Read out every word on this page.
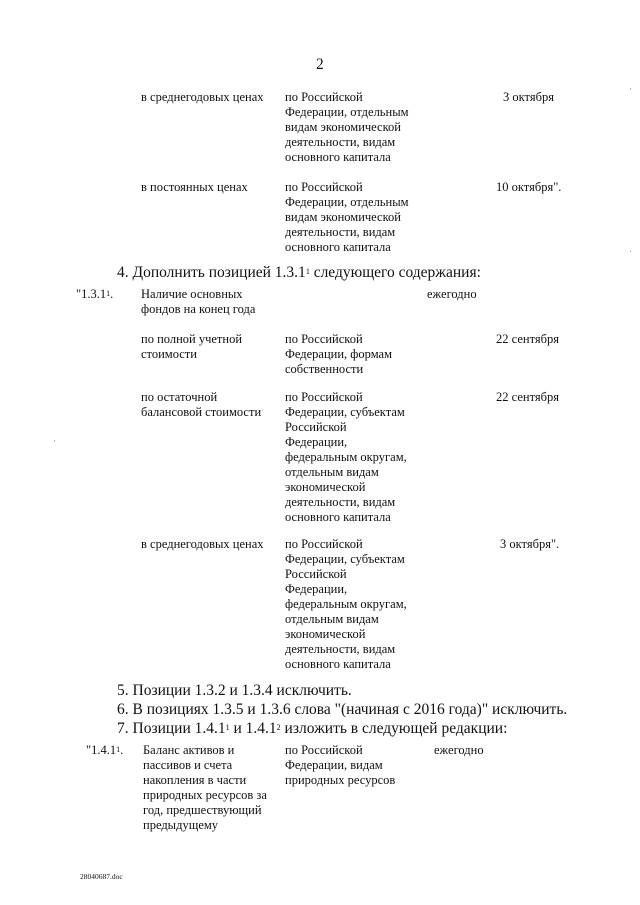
2
в среднегодовых ценах по Российской
Федерации, отдельным
видам экономической
деятельности, видам
основного капитала
3 октября
в постоянных ценах	по Российской
Федерации, отдельным
видам экономической
деятельности, видам
основного капитала
10 октября".
4. Дополнить позицией 1.3.1$^1$ следующего содержания:
"1.3.1$^1$. Наличие основных
фондов на конец года
ежегодно
по полной учетной
стоимости
по Российской
Федерации, формам
собственности
22 сентября
по остаточной
балансовой стоимости
по Российской
Федерации, субъектам
Российской
Федерации,
федеральным округам,
отдельным видам
экономической
деятельности, видам
основного капитала
22 сентября
в среднегодовых ценах по Российской
Федерации, субъектам
Российской
Федерации,
федеральным округам,
отдельным видам
экономической
деятельности, видам
основного капитала
3 октября".
5. Позиции 1.3.2 и 1.3.4 исключить.
6. В позициях 1.3.5 и 1.3.6 слова "(начиная с 2016 года)" исключить.
7. Позиции 1.4.1$^1$ и 1.4.1$^2$ изложить в следующей редакции:
"1.4.1$^1$. Баланс активов и
пассивов и счета
накопления в части
природных ресурсов за
год, предшествующий
предыдущему
по Российской
Федерации, видам
природных ресурсов
ежегодно
28040687.doc
